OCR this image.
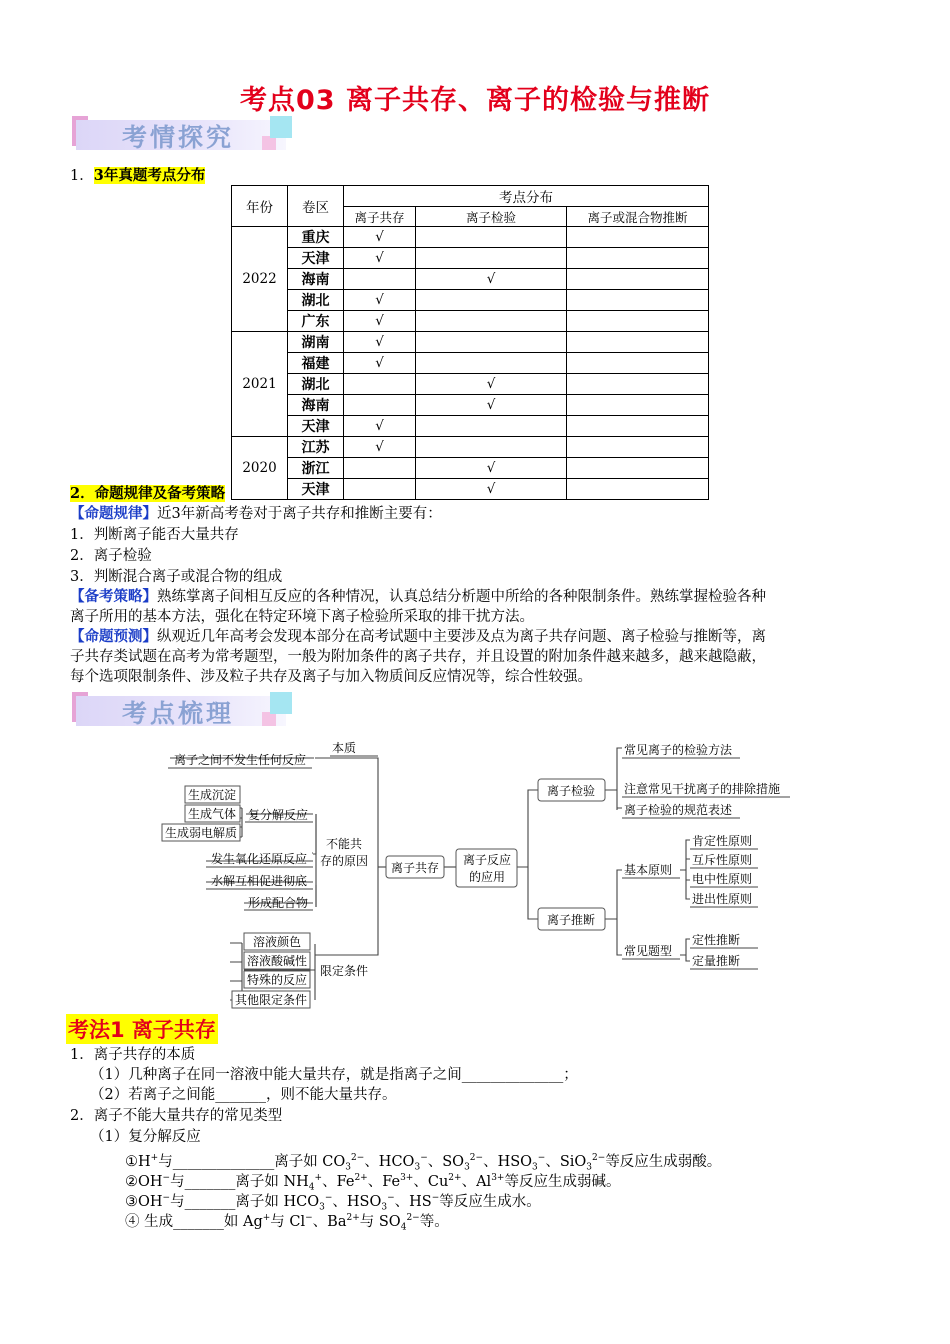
考点03 离子共存、离子的检验与推断
考情探究
1．3年真题考点分布
年份	卷区	考点分布		
		离子共存	离子检验	离子或混合物推断
2022	重庆	√		
	天津	√		
	海南		√	
	湖北	√		
	广东	√		
2021	湖南	√		
	福建	√		
	湖北		√	
	海南		√	
	天津	√		
2020	江苏	√		
	浙江		√	
	天津		√	
2．命题规律及备考策略
【命题规律】近3年新高考卷对于离子共存和推断主要有：
1．判断离子能否大量共存
2．离子检验
3．判断混合离子或混合物的组成
【备考策略】熟练掌离子间相互反应的各种情况，认真总结分析题中所给的各种限制条件。熟练掌握检验各种
离子所用的基本方法，强化在特定环境下离子检验所采取的排干扰方法。
【命题预测】纵观近几年高考会发现本部分在高考试题中主要涉及点为离子共存问题、离子检验与推断等，离
子共存类试题在高考为常考题型，一般为附加条件的离子共存，并且设置的附加条件越来越多，越来越隐蔽，
每个选项限制条件、涉及粒子共存及离子与加入物质间反应情况等，综合性较强。
考点梳理
离子共存
离子反应
的应用
本质
离子之间不发生任何反应
不能共
存的原因
复分解反应
生成沉淀
生成气体
生成弱电解质
发生氧化还原反应
水解互相促进彻底
形成配合物
限定条件
溶液颜色
溶液酸碱性
特殊的反应
其他限定条件
离子检验
常见离子的检验方法
注意常见干扰离子的排除措施
离子检验的规范表述
离子推断
基本原则
肯定性原则
互斥性原则
电中性原则
进出性原则
常见题型
定性推断
定量推断
考法1 离子共存
1．离子共存的本质
（1）几种离子在同一溶液中能大量共存，就是指离子之间______________；
（2）若离子之间能_______，则不能大量共存。
2．离子不能大量共存的常见类型
（1）复分解反应
①H+与______________离子如 $CO_3^{2-}$、$HCO_3^-$、$SO_3^{2-}$、$HSO_3^-$、SiO$_3^{2-}$等反应生成弱酸。
②OH−与_______离子如 $NH_4^+$、$Fe^{2+}$、$Fe^{3+}$、$Cu^{2+}$、$Al^{3+}$等反应生成弱碱。
③OH−与_______离子如 $HCO_3^-$、$HSO_3^-$、HS−等反应生成水。
④ 生成_______如 Ag+与 Cl−、$Ba^{2+}$与 $SO_4^{2-}$等。
